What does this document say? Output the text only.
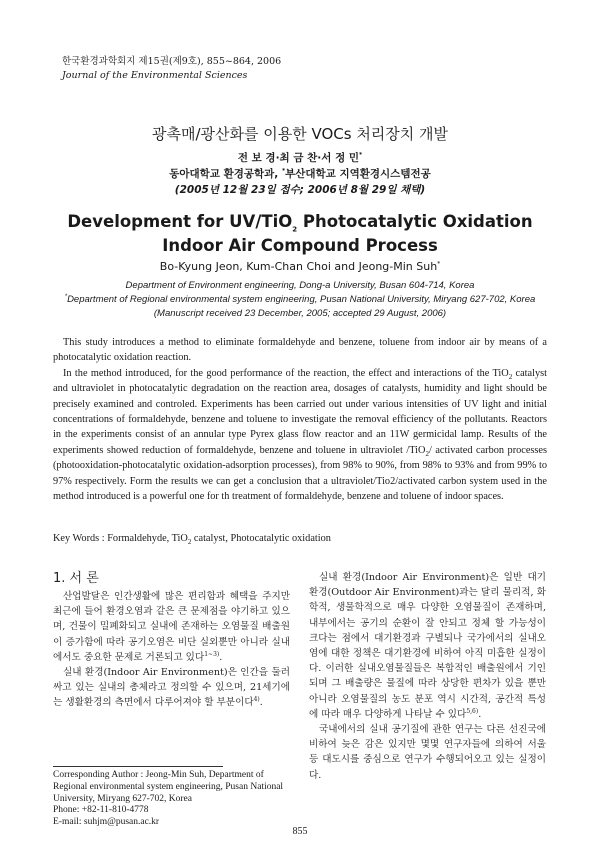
한국환경과학회지 제15권(제9호), 855~864, 2006
Journal of the Environmental Sciences
광촉매/광산화를 이용한 VOCs 처리장치 개발
전 보 경·최 금 찬·서 정 민*
동아대학교 환경공학과, *부산대학교 지역환경시스템전공
(2005년 12월 23일 접수; 2006년 8월 29일 채택)
Development for UV/TiO$_2$ Photocatalytic Oxidation
Indoor Air Compound Process
Bo-Kyung Jeon, Kum-Chan Choi and Jeong-Min Suh*
Department of Environment engineering, Dong-a University, Busan 604-714, Korea
*Department of Regional environmental system engineering, Pusan National University, Miryang 627-702, Korea
(Manuscript received 23 December, 2005; accepted 29 August, 2006)

This study introduces a method to eliminate formaldehyde and benzene, toluene from indoor air by means of a photocatalytic oxidation reaction.

In the method introduced, for the good performance of the reaction, the effect and interactions of the TiO$_2$ catalyst and ultraviolet in photocatalytic degradation on the reaction area, dosages of catalysts, humidity and light should be precisely examined and controled. Experiments has been carried out under various intensities of UV light and initial concentrations of formaldehyde, benzene and toluene to investigate the removal efficiency of the pollutants. Reactors in the experiments consist of an annular type Pyrex glass flow reactor and an 11W germicidal lamp. Results of the experiments showed reduction of formaldehyde, benzene and toluene in ultraviolet /TiO$_2$/ activated carbon processes (photooxidation-photocatalytic oxidation-adsorption processes), from 98% to 90%, from 98% to 93% and from 99% to 97% respectively. Form the results we can get a conclusion that a ultraviolet/Tio2/activated carbon system used in the method introduced is a powerful one for th treatment of formaldehyde, benzene and toluene of indoor spaces.

Key Words : Formaldehyde, TiO$_2$ catalyst, Photocatalytic oxidation
1. 서 론

산업발달은 인간생활에 많은 편리함과 혜택을 주지만 최근에 들어 환경오염과 같은 큰 문제점을 야기하고 있으며, 건물이 밀폐화되고 실내에 존재하는 오염물질 배출원이 증가함에 따라 공기오염은 비단 실외뿐만 아니라 실내에서도 중요한 문제로 거론되고 있다$^{1\sim 3)}$.

실내 환경(Indoor Air Environment)은 인간을 둘러싸고 있는 실내의 총체라고 정의할 수 있으며, 21세기에는 생활환경의 측면에서 다루어져야 할 부분이다$^{4)}$.

실내 환경(Indoor Air Environment)은 일반 대기 환경(Outdoor Air Environment)과는 달리 물리적, 화학적, 생물학적으로 매우 다양한 오염물질이 존재하며, 내부에서는 공기의 순환이 잘 안되고 정체 할 가능성이 크다는 점에서 대기환경과 구별되나 국가에서의 실내오염에 대한 정책은 대기환경에 비하여 아직 미흡한 실정이다. 이러한 실내오염물질들은 복합적인 배출원에서 기인되며 그 배출량은 물질에 따라 상당한 편차가 있을 뿐만 아니라 오염물질의 농도 분포 역시 시간적, 공간적 특성에 따라 매우 다양하게 나타날 수 있다$^{5,6)}$.

국내에서의 실내 공기질에 관한 연구는 다른 선진국에 비하여 늦은 감은 있지만 몇몇 연구자들에 의하여 서울 등 대도시를 중심으로 연구가 수행되어오고 있는 실정이다.

Corresponding Author : Jeong-Min Suh, Department of Regional environmental system engineering, Pusan National University, Miryang 627-702, Korea
Phone: +82-11-810-4778
E-mail: suhjm@pusan.ac.kr
855
